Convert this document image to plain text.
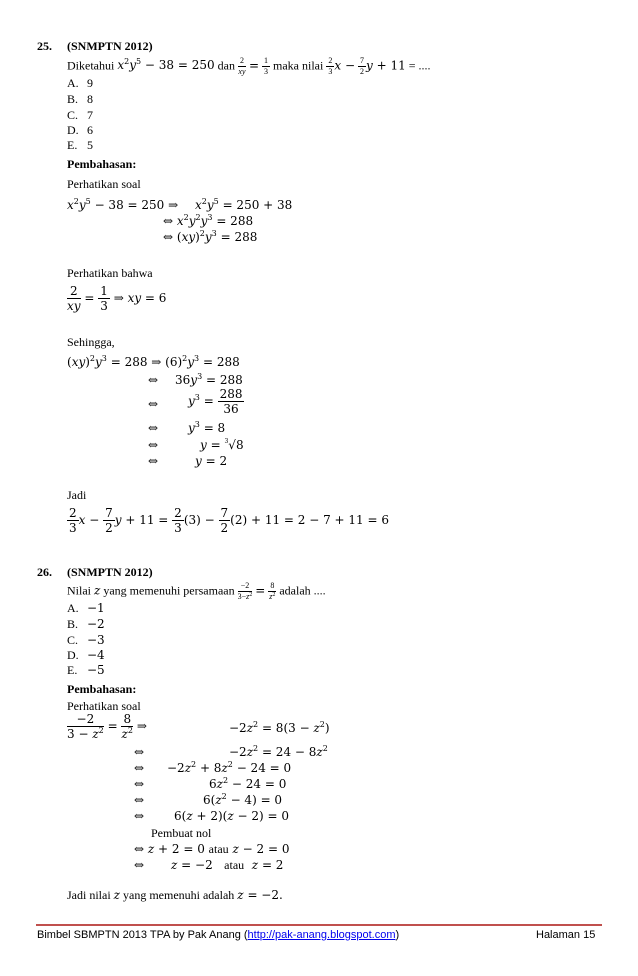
25. (SNMPTN 2012)
Diketahui $x^2y^5 - 38 = 250$ dan $\frac{2}{xy} = \frac{1}{3}$ maka nilai $\frac{2}{3}$ $x - \frac{7}{2}$ y + 11 = ....
A. 9
B. 8
C. 7
D. 6
E. 5
Pembahasan:
Perhatikan soal
$x^2y^5 - 38 = 250$ ⇒ $x^2y^5 = 250 + 38$
⇔ $x^2y^2y^3 = 288$
⇔ $(xy)^2y^3 = 288$
Perhatikan bahwa
$\frac{2}{xy} = \frac{1}{3}$ ⇒ xy = 6
Sehingga,
$(xy)^2y^3 = 288$ ⇒ $(6)^2y^3 = 288$
⇔ $36y^3 = 288$
⇔ $y^3 = \frac{288}{36}$
⇔ $y^3 = 8$
⇔	y = $^3$√8
⇔	y = 2
Jadi
$\frac{2}{3}$ $x - \frac{7}{2}$ $y + 11 = \frac{2}{3} (3) - \frac{7}{2} (2) + 11 = 2 - 7 + 11 = 6$
26. (SNMPTN 2012)
Nilai z yang memenuhi persamaan $\frac{-2}{3-z^2} = \frac{8}{z^2}$ adalah ....
A. −1
B. −2
C. −3
D. −4
E. −5
Pembahasan:
Perhatikan soal
$\frac{-2}{3 - z^2} = \frac{8}{z^2}$ ⇒	$-2z^2 = 8(3 - z^2)$
⇔	$-2z^2 = 24 - 8z^2$
⇔ $-2z^2 + 8z^2 - 24 = 0$
⇔	$6z^2 - 24 = 0$
⇔	$6(z^2 - 4) = 0$
⇔ 6(z + 2)(z − 2) = 0
Pembuat nol
⇔ z + 2 = 0 atau z − 2 = 0
⇔ z = −2   atau z = 2
Jadi nilai z yang memenuhi adalah z = −2.
Bimbel SBMPTN 2013 TPA by Pak Anang (http://pak-anang.blogspot.com)	Halaman 15
